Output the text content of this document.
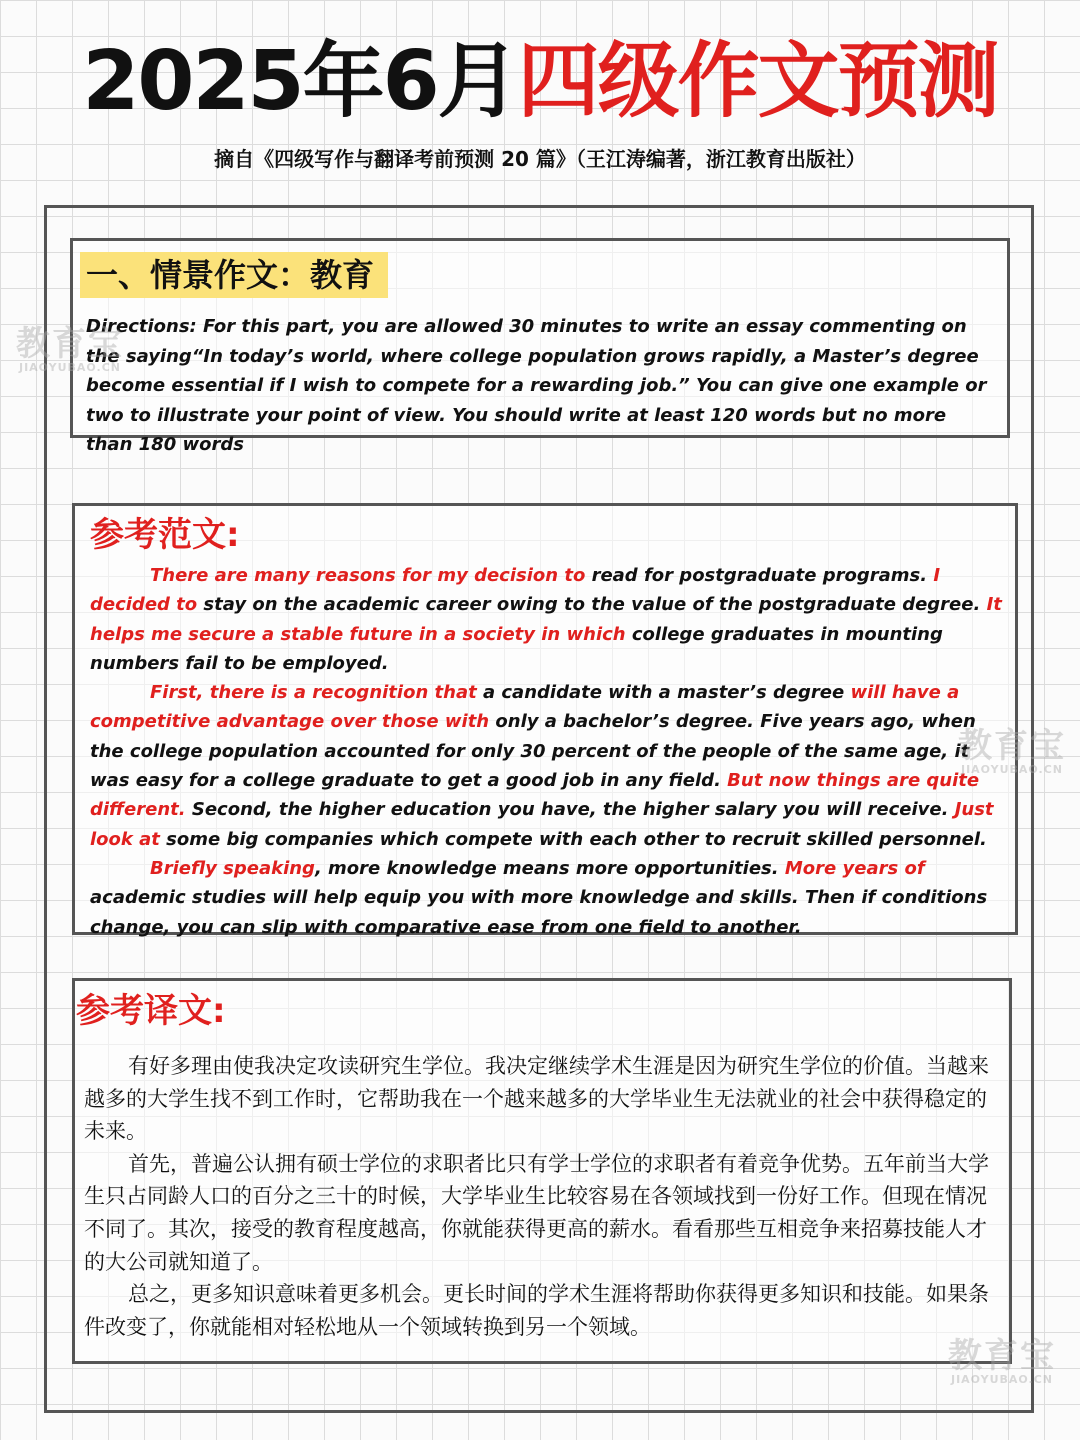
2025年6月四级作文预测
摘自《四级写作与翻译考前预测 20 篇》（王江涛编著，浙江教育出版社）
一、情景作文：教育
Directions: For this part, you are allowed 30 minutes to write an essay commenting on the saying“In today’s world, where college population grows rapidly, a Master’s degree become essential if I wish to compete for a rewarding job.” You can give one example or two to illustrate your point of view. You should write at least 120 words but no more than 180 words
参考范文:

There are many reasons for my decision to read for postgraduate programs. I decided to stay on the academic career owing to the value of the postgraduate degree. It helps me secure a stable future in a society in which college graduates in mounting numbers fail to be employed.

First, there is a recognition that a candidate with a master’s degree will have a competitive advantage over those with only a bachelor’s degree. Five years ago, when the college population accounted for only 30 percent of the people of the same age, it was easy for a college graduate to get a good job in any field. But now things are quite different. Second, the higher education you have, the higher salary you will receive. Just look at some big companies which compete with each other to recruit skilled personnel.

Briefly speaking, more knowledge means more opportunities. More years of academic studies will help equip you with more knowledge and skills. Then if conditions change, you can slip with comparative ease from one field to another.

参考译文:

有好多理由使我决定攻读研究生学位。我决定继续学术生涯是因为研究生学位的价值。当越来越多的大学生找不到工作时，它帮助我在一个越来越多的大学毕业生无法就业的社会中获得稳定的未来。

首先，普遍公认拥有硕士学位的求职者比只有学士学位的求职者有着竞争优势。五年前当大学生只占同龄人口的百分之三十的时候，大学毕业生比较容易在各领域找到一份好工作。但现在情况不同了。其次，接受的教育程度越高，你就能获得更高的薪水。看看那些互相竞争来招募技能人才的大公司就知道了。

总之，更多知识意味着更多机会。更长时间的学术生涯将帮助你获得更多知识和技能。如果条件改变了，你就能相对轻松地从一个领域转换到另一个领域。

教育宝
JIAOYUBAO.CN
教育宝
JIAOYUBAO.CN
教育宝
JIAOYUBAO.CN
